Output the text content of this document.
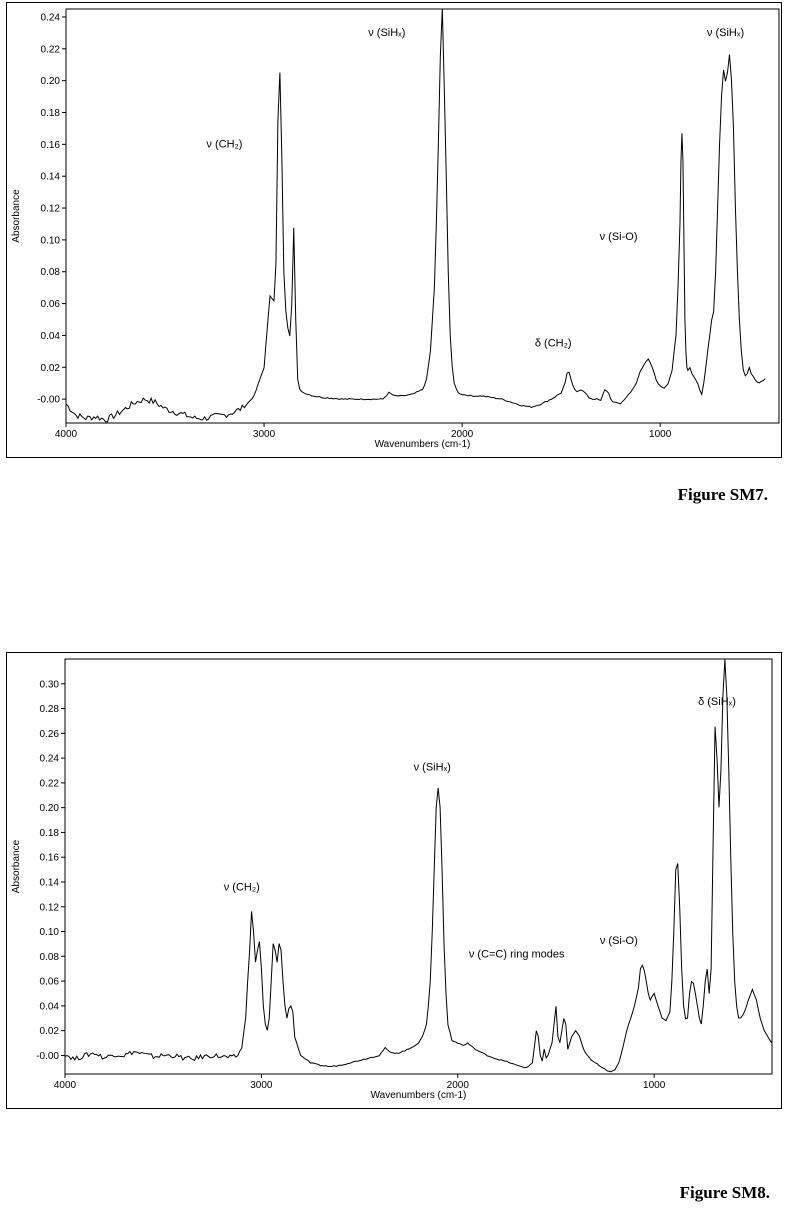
-0.00
0.02
0.04
0.06
0.08
0.10
0.12
0.14
0.16
0.18
0.20
0.22
0.24
4000	3000	2000	1000
Wavenumbers (cm-1)
Absorbance
ν (CH₂)
ν (SiHₓ)	ν (SiHₓ)
ν (Si-O)
δ (CH₂)
Figure SM7.
-0.00
0.02
0.04
0.06
0.08
0.10
0.12
0.14
0.16
0.18
0.20
0.22
0.24
0.26
0.28
0.30
4000	3000	2000	1000
Wavenumbers (cm-1)
Absorbance	ν (CH₂)
ν (SiHₓ)
ν (C=C) ring modes
ν (Si-O)
δ (SiHₓ)
Figure SM8.
